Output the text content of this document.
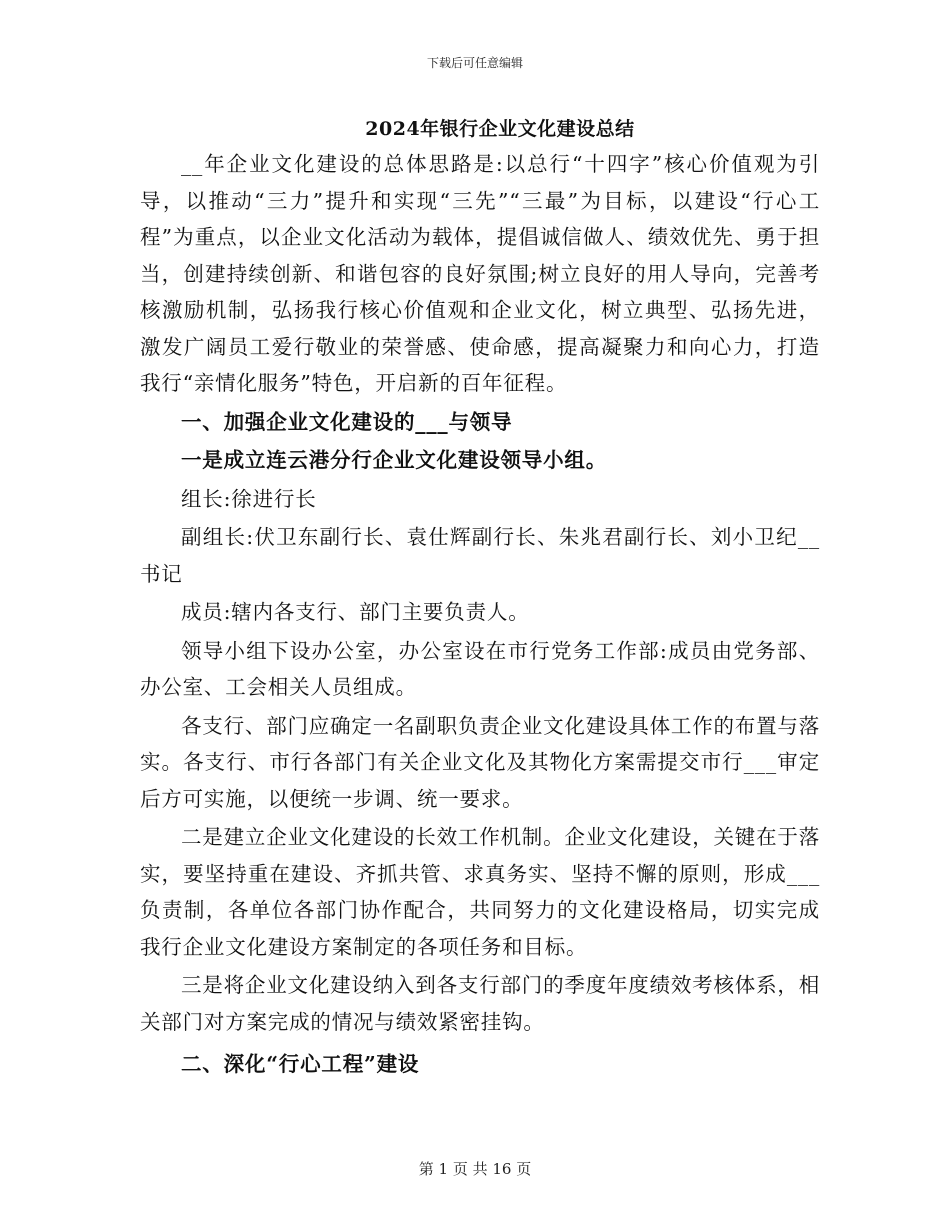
下载后可任意编辑
2024年银行企业文化建设总结

__年企业文化建设的总体思路是:以总行“十四字”核心价值观为引导，以推动“三力”提升和实现“三先”“三最”为目标，以建设“行心工程”为重点，以企业文化活动为载体，提倡诚信做人、绩效优先、勇于担当，创建持续创新、和谐包容的良好氛围;树立良好的用人导向，完善考核激励机制，弘扬我行核心价值观和企业文化，树立典型、弘扬先进，激发广阔员工爱行敬业的荣誉感、使命感，提高凝聚力和向心力，打造我行“亲情化服务”特色，开启新的百年征程。

一、加强企业文化建设的___与领导

一是成立连云港分行企业文化建设领导小组。

组长:徐进行长

副组长:伏卫东副行长、袁仕辉副行长、朱兆君副行长、刘小卫纪__书记

成员:辖内各支行、部门主要负责人。

领导小组下设办公室，办公室设在市行党务工作部:成员由党务部、办公室、工会相关人员组成。

各支行、部门应确定一名副职负责企业文化建设具体工作的布置与落实。各支行、市行各部门有关企业文化及其物化方案需提交市行___审定后方可实施，以便统一步调、统一要求。

二是建立企业文化建设的长效工作机制。企业文化建设，关键在于落实，要坚持重在建设、齐抓共管、求真务实、坚持不懈的原则，形成___负责制，各单位各部门协作配合，共同努力的文化建设格局，切实完成我行企业文化建设方案制定的各项任务和目标。

三是将企业文化建设纳入到各支行部门的季度年度绩效考核体系，相关部门对方案完成的情况与绩效紧密挂钩。

二、深化“行心工程”建设

第 1 页 共 16 页
